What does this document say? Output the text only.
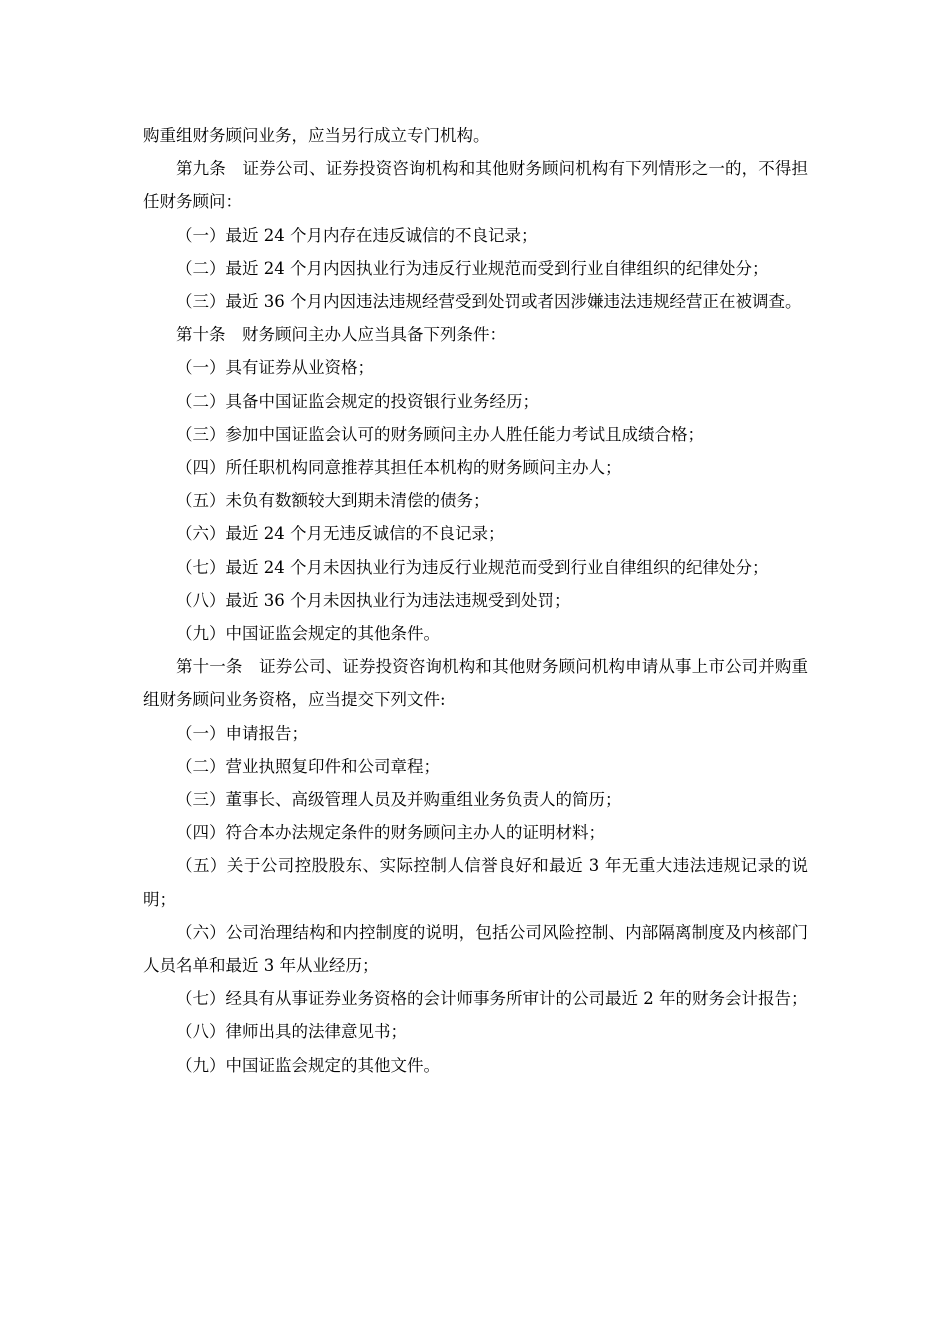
购重组财务顾问业务，应当另行成立专门机构。

第九条　证券公司、证券投资咨询机构和其他财务顾问机构有下列情形之一的，不得担任财务顾问：

（一）最近 24 个月内存在违反诚信的不良记录；

（二）最近 24 个月内因执业行为违反行业规范而受到行业自律组织的纪律处分；

（三）最近 36 个月内因违法违规经营受到处罚或者因涉嫌违法违规经营正在被调查。

第十条　财务顾问主办人应当具备下列条件：

（一）具有证券从业资格；

（二）具备中国证监会规定的投资银行业务经历；

（三）参加中国证监会认可的财务顾问主办人胜任能力考试且成绩合格；

（四）所任职机构同意推荐其担任本机构的财务顾问主办人；

（五）未负有数额较大到期未清偿的债务；

（六）最近 24 个月无违反诚信的不良记录；

（七）最近 24 个月未因执业行为违反行业规范而受到行业自律组织的纪律处分；

（八）最近 36 个月未因执业行为违法违规受到处罚；

（九）中国证监会规定的其他条件。

第十一条　证券公司、证券投资咨询机构和其他财务顾问机构申请从事上市公司并购重组财务顾问业务资格，应当提交下列文件:

（一）申请报告；

（二）营业执照复印件和公司章程；

（三）董事长、高级管理人员及并购重组业务负责人的简历；

（四）符合本办法规定条件的财务顾问主办人的证明材料；

（五）关于公司控股股东、实际控制人信誉良好和最近 3 年无重大违法违规记录的说明；

（六）公司治理结构和内控制度的说明，包括公司风险控制、内部隔离制度及内核部门人员名单和最近 3 年从业经历；

（七）经具有从事证券业务资格的会计师事务所审计的公司最近 2 年的财务会计报告；

（八）律师出具的法律意见书；

（九）中国证监会规定的其他文件。
